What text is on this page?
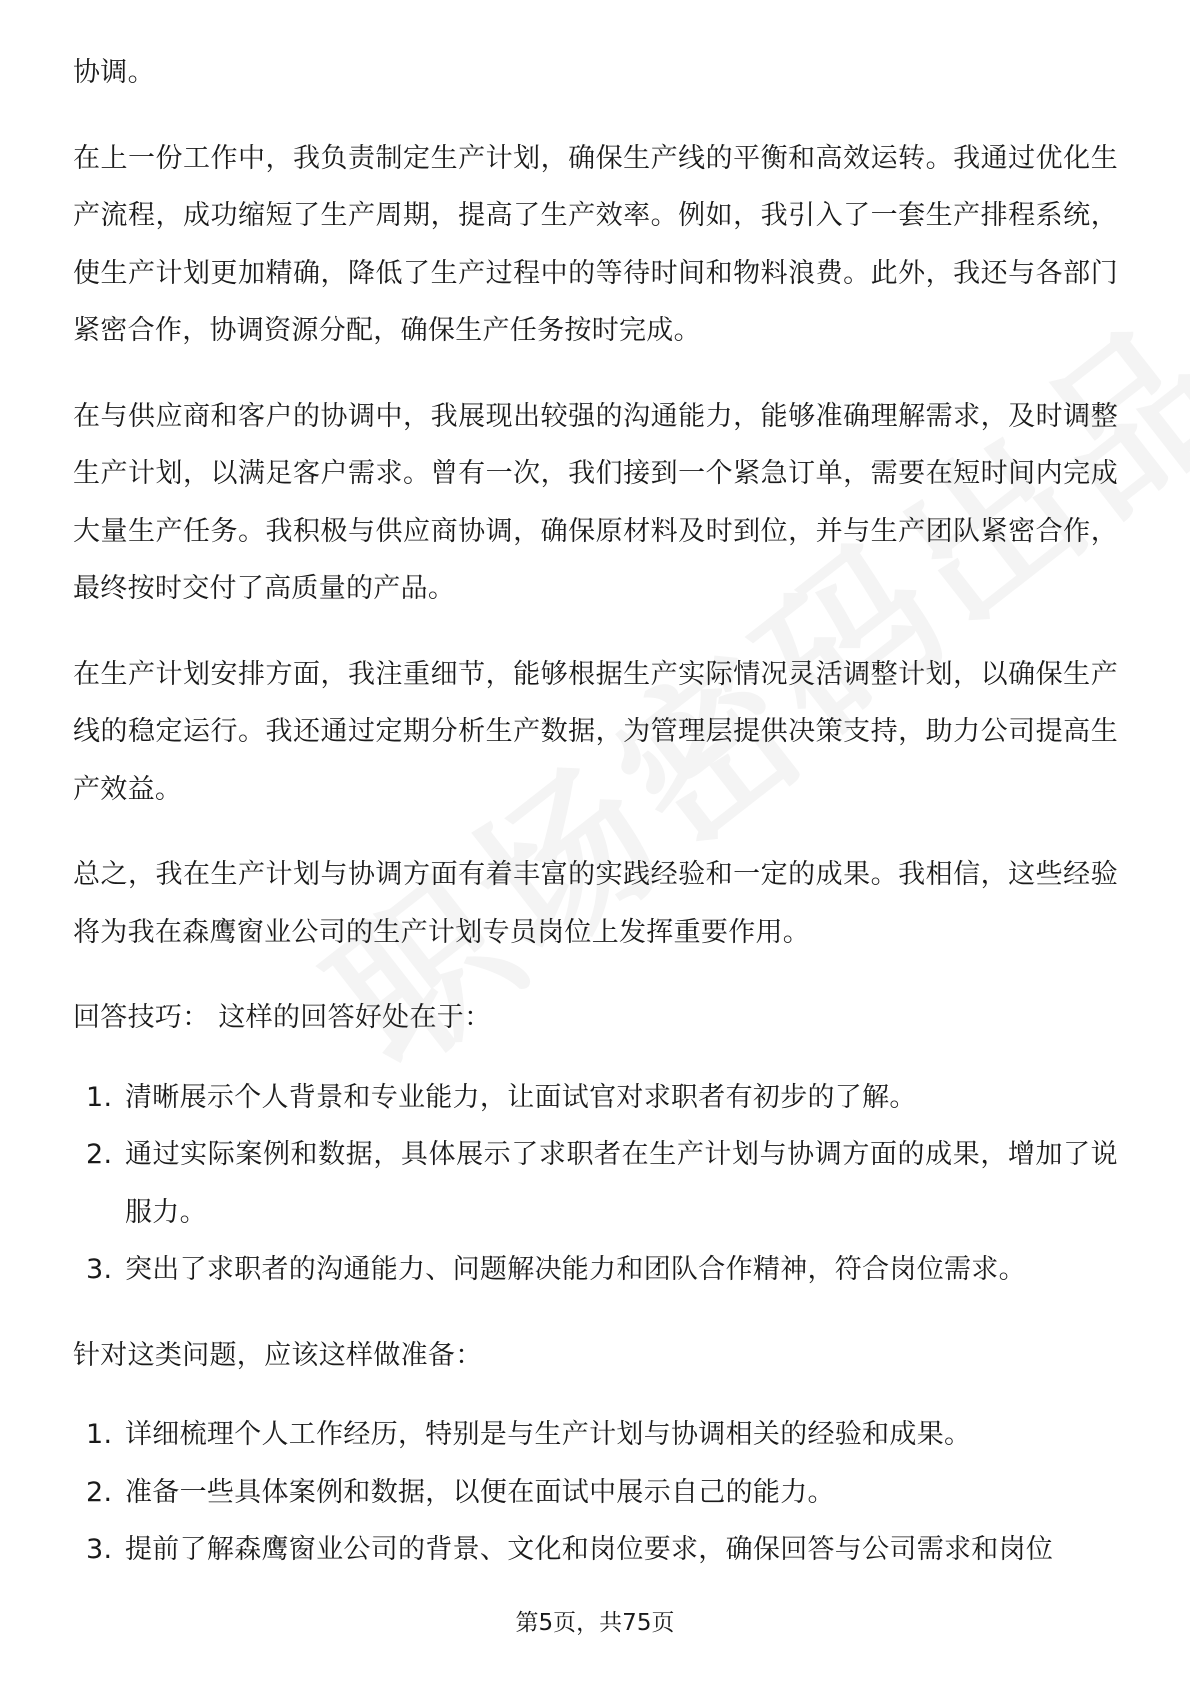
协调。

在上一份工作中，我负责制定生产计划，确保生产线的平衡和高效运转。我通过优化生产流程，成功缩短了生产周期，提高了生产效率。例如，我引入了一套生产排程系统，使生产计划更加精确，降低了生产过程中的等待时间和物料浪费。此外，我还与各部门紧密合作，协调资源分配，确保生产任务按时完成。

在与供应商和客户的协调中，我展现出较强的沟通能力，能够准确理解需求，及时调整生产计划，以满足客户需求。曾有一次，我们接到一个紧急订单，需要在短时间内完成大量生产任务。我积极与供应商协调，确保原材料及时到位，并与生产团队紧密合作，最终按时交付了高质量的产品。

在生产计划安排方面，我注重细节，能够根据生产实际情况灵活调整计划，以确保生产线的稳定运行。我还通过定期分析生产数据，为管理层提供决策支持，助力公司提高生产效益。

总之，我在生产计划与协调方面有着丰富的实践经验和一定的成果。我相信，这些经验将为我在森鹰窗业公司的生产计划专员岗位上发挥重要作用。

回答技巧： 这样的回答好处在于：

1. 清晰展示个人背景和专业能力，让面试官对求职者有初步的了解。
2. 通过实际案例和数据，具体展示了求职者在生产计划与协调方面的成果，增加了说服力。
3. 突出了求职者的沟通能力、问题解决能力和团队合作精神，符合岗位需求。

针对这类问题，应该这样做准备：

1. 详细梳理个人工作经历，特别是与生产计划与协调相关的经验和成果。
2. 准备一些具体案例和数据，以便在面试中展示自己的能力。
3. 提前了解森鹰窗业公司的背景、文化和岗位要求，确保回答与公司需求和岗位
第5页，共75页
